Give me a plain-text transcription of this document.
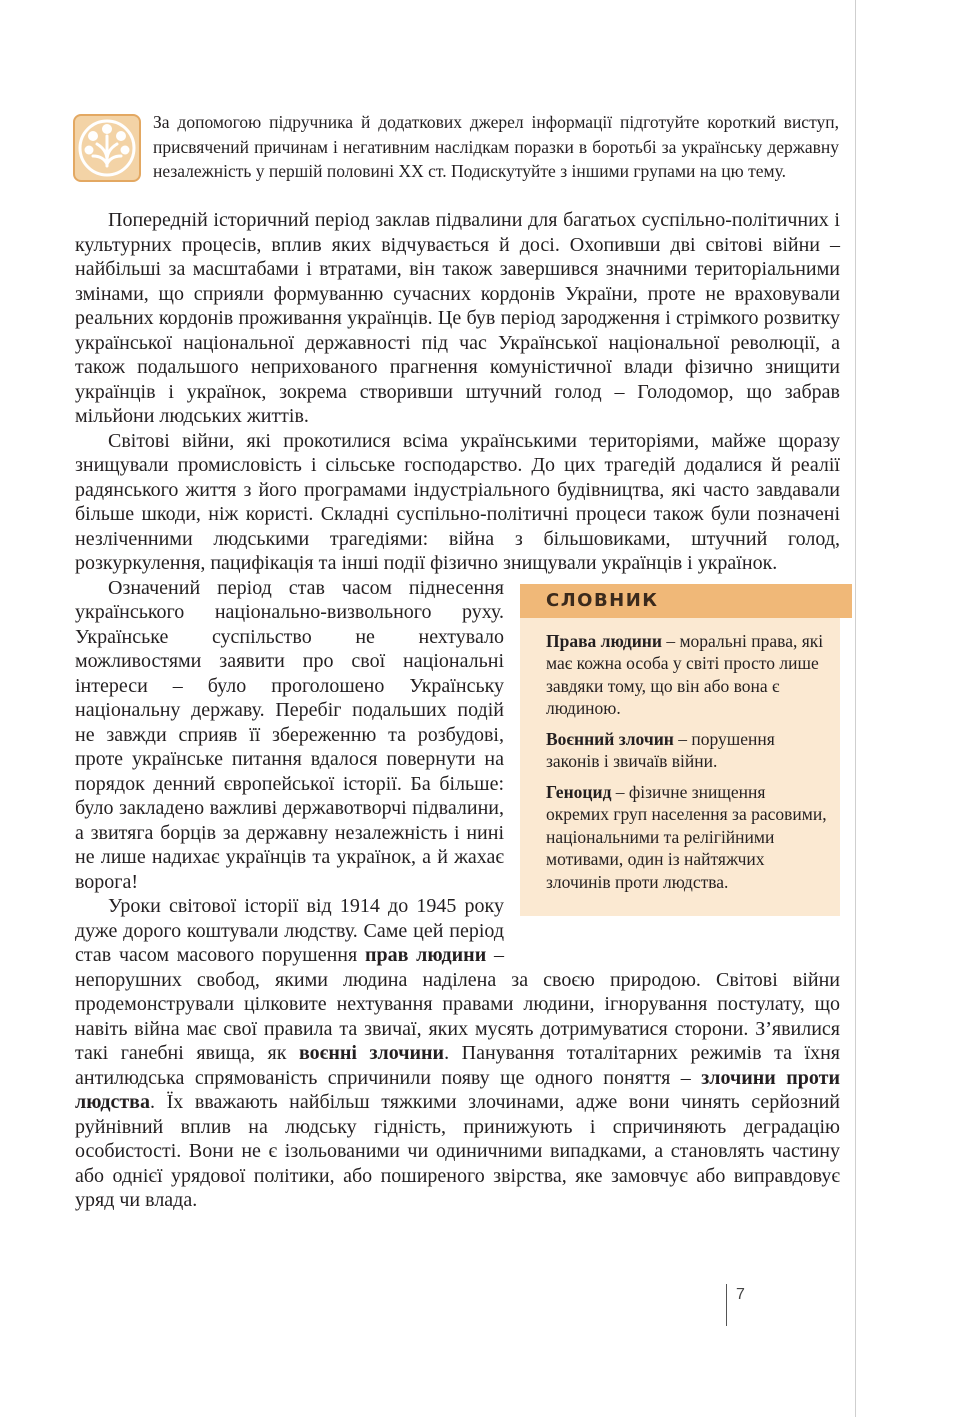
За допомогою підручника й додаткових джерел інформації підготуйте короткий виступ, присвячений причинам і негативним наслідкам поразки в боротьбі за українську державну незалежність у першій половині XX ст. Подискутуйте з іншими групами на цю тему.

Попередній історичний період заклав підвалини для багатьох суспільно-політичних і культурних процесів, вплив яких відчувається й досі. Охопивши дві світові війни – найбільші за масштабами і втратами, він також завершився значними територіальними змінами, що сприяли формуванню сучасних кордонів України, проте не враховували реальних кордонів проживання українців. Це був період зародження і стрімкого розвитку української національної державності під час Української національної революції, а також подальшого неприхованого прагнення комуністичної влади фізично знищити українців і українок, зокрема створивши штучний голод – Голодомор, що забрав мільйони людських життів.

Світові війни, які прокотилися всіма українськими територіями, майже щоразу знищували промисловість і сільське господарство. До цих трагедій додалися й реалії радянського життя з його програмами індустріального будівництва, які часто завдавали більше шкоди, ніж користі. Складні суспільно-політичні процеси також були позначені незліченними людськими трагедіями: війна з більшовиками, штучний голод, розкуркулення, пацифікація та інші події фізично знищували українців і українок.

СЛОВНИК

Права людини – моральні права, які має кожна особа у світі просто лише завдяки тому, що він або вона є людиною.

Воєнний злочин – порушення законів і звичаїв війни.

Геноцид – фізичне знищення окремих груп населення за расовими, національними та релігійними мотивами, один із найтяжчих злочинів проти людства.

Означений період став часом піднесення українського національно-визвольного руху. Українське суспільство не нехтувало можливостями заявити про свої національні інтереси – було проголошено Українську національну державу. Перебіг подальших подій не завжди сприяв її збереженню та розбудові, проте українське питання вдалося повернути на порядок денний європейської історії. Ба більше: було закладено важливі державотворчі підвалини, а звитяга борців за державну незалежність і нині не лише надихає українців та українок, а й жахає ворога!

Уроки світової історії від 1914 до 1945 року дуже дорого коштували людству. Саме цей період став часом масового порушення прав людини – непорушних свобод, якими людина наділена за своєю природою. Світові війни продемонстрували цілковите нехтування правами людини, ігнорування постулату, що навіть війна має свої правила та звичаї, яких мусять дотримуватися сторони. З’явилися такі ганебні явища, як воєнні злочини. Панування тоталітарних режимів та їхня антилюдська спрямованість спричинили появу ще одного поняття – злочини проти людства. Їх вважають найбільш тяжкими злочинами, адже вони чинять серйозний руйнівний вплив на людську гідність, принижують і спричиняють деградацію особистості. Вони не є ізольованими чи одиничними випадками, а становлять частину або однієї урядової політики, або поширеного звірства, яке замовчує або виправдовує уряд чи влада.

7
